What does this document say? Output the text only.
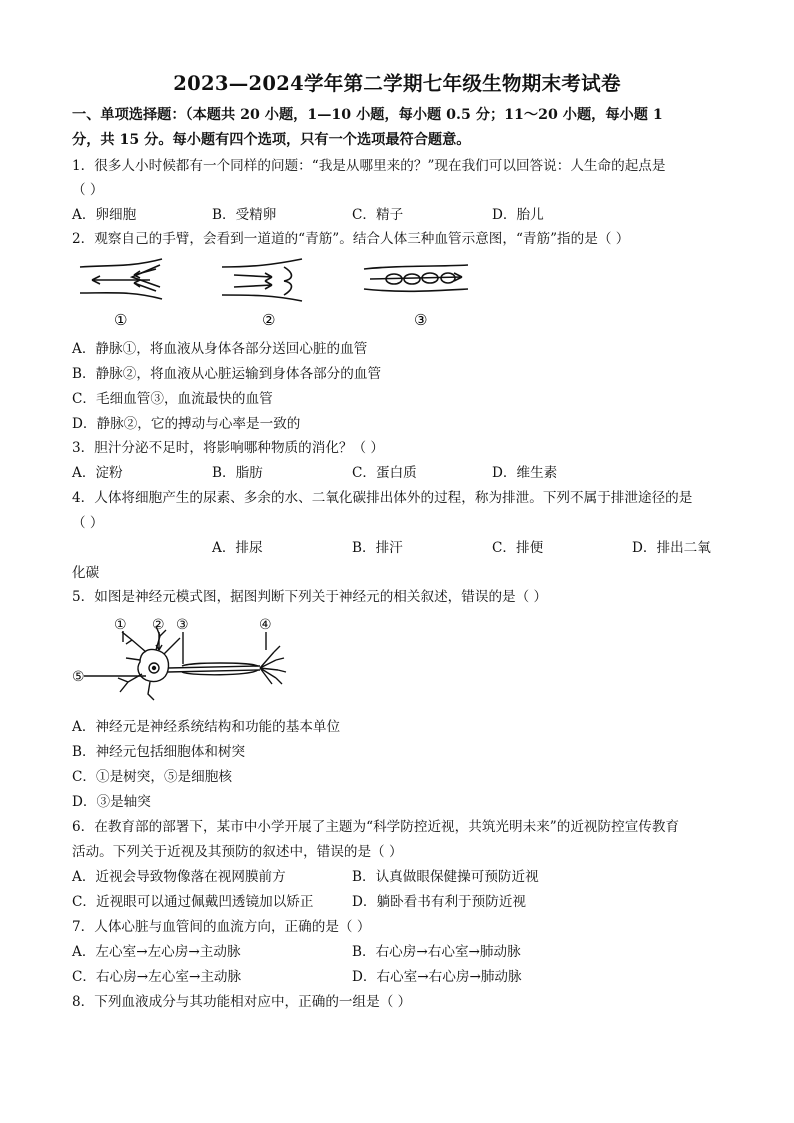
2023—2024学年第二学期七年级生物期末考试卷
一、单项选择题：（本题共 20 小题，1—10 小题，每小题 0.5 分；11～20 小题，每小题 1
分，共 15 分。每小题有四个选项，只有一个选项最符合题意。
1．很多人小时候都有一个同样的问题：“我是从哪里来的？”现在我们可以回答说：人生命的起点是
（ ）
A．卵细胞	B．受精卵	C．精子	D．胎儿
2．观察自己的手臂，会看到一道道的“青筋”。结合人体三种血管示意图，“青筋”指的是（ ）
①	②	③
A．静脉①，将血液从身体各部分送回心脏的血管
B．静脉②，将血液从心脏运输到身体各部分的血管
C．毛细血管③，血流最快的血管
D．静脉②，它的搏动与心率是一致的
3．胆汁分泌不足时，将影响哪种物质的消化？（ ）
A．淀粉	B．脂肪	C．蛋白质	D．维生素
4．人体将细胞产生的尿素、多余的水、二氧化碳排出体外的过程，称为排泄。下列不属于排泄途径的是
（ ）
A．排尿	B．排汗	C．排便	D．排出二氧
化碳
5．如图是神经元模式图，据图判断下列关于神经元的相关叙述，错误的是（ ）
① ② ③	④
⑤
A．神经元是神经系统结构和功能的基本单位
B．神经元包括细胞体和树突
C．①是树突，⑤是细胞核
D．③是轴突
6．在教育部的部署下，某市中小学开展了主题为“科学防控近视，共筑光明未来”的近视防控宣传教育
活动。下列关于近视及其预防的叙述中，错误的是（ ）
A．近视会导致物像落在视网膜前方	B．认真做眼保健操可预防近视
C．近视眼可以通过佩戴凹透镜加以矫正	D．躺卧看书有利于预防近视
7．人体心脏与血管间的血流方向，正确的是（ ）
A．左心室→左心房→主动脉	B．右心房→右心室→肺动脉
C．右心房→左心室→主动脉	D．右心室→右心房→肺动脉
8．下列血液成分与其功能相对应中，正确的一组是（ ）
